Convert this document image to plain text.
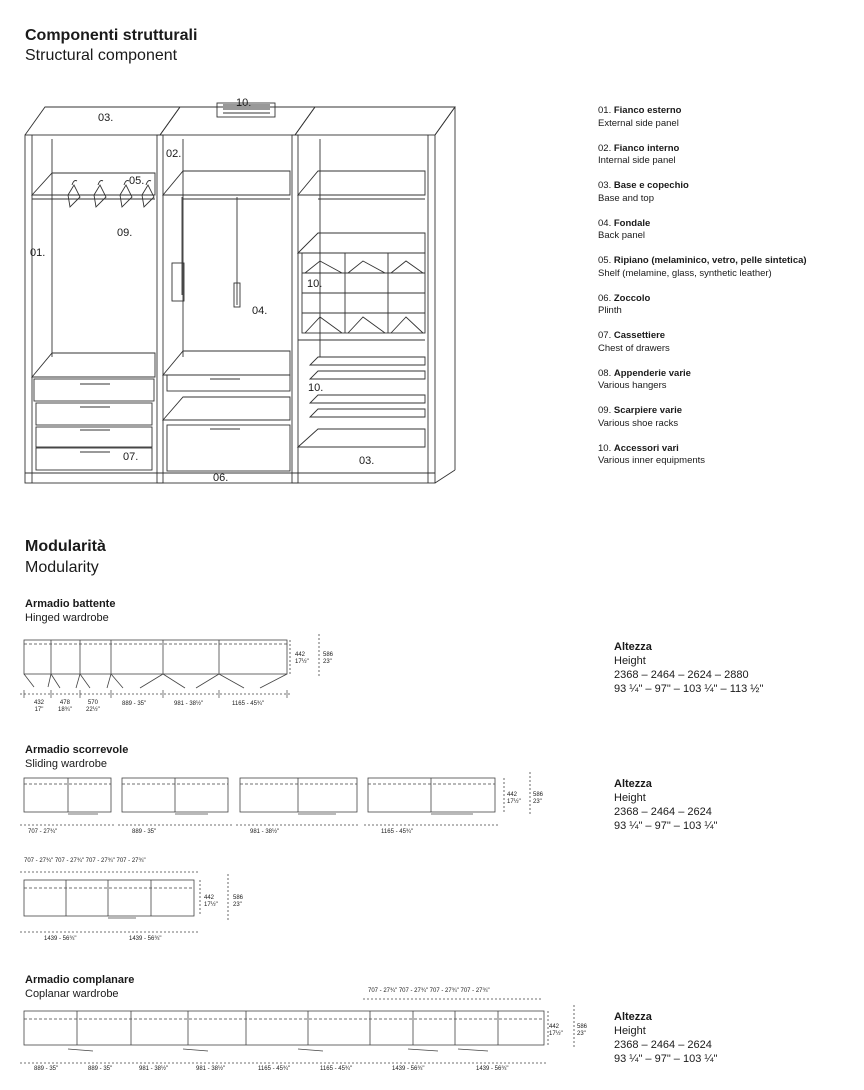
Componenti strutturali
Structural component
03.
10.
02.
05.
09.
01.
10.
04.
10.
07.	03.
06.
01. Fianco esterno
External side panel
02. Fianco interno
Internal side panel
03. Base e copechio
Base and top
04. Fondale
Back panel
05. Ripiano (melaminico, vetro, pelle sintetica)
Shelf (melamine, glass, synthetic leather)
06. Zoccolo
Plinth
07. Cassettiere
Chest of drawers
08. Appenderie varie
Various hangers
09. Scarpiere varie
Various shoe racks
10. Accessori vari
Various inner equipments
Modularità
Modularity
Armadio battente
Hinged wardrobe
432
17"
478
18¾"
570
22½"
889 - 35"	981 - 38½"	1165 - 45¾"
442
17½"
586
23"
Altezza
Height
2368 – 2464 – 2624 – 2880
93 ¼" – 97" – 103 ¼" – 113 ½"
Armadio scorrevole
Sliding wardrobe
707 - 27¾"	889 - 35"	981 - 38½"	1165 - 45¾"
442
17½"
586
23"
Altezza
Height
2368 – 2464 – 2624
93 ¼" – 97" – 103 ¼"
707 - 27¾" 707 - 27¾" 707 - 27¾" 707 - 27¾"
1439 - 56¾"	1439 - 56¾"
442
17½"
586
23"
Armadio complanare
Coplanar wardrobe	707 - 27¾" 707 - 27¾" 707 - 27¾" 707 - 27¾"
889 - 35"	889 - 35"	981 - 38½"	981 - 38½"	1165 - 45¾"	1165 - 45¾"	1439 - 56¾"	1439 - 56¾"
442
17½"
586
23"
Altezza
Height
2368 – 2464 – 2624
93 ¼" – 97" – 103 ¼"
